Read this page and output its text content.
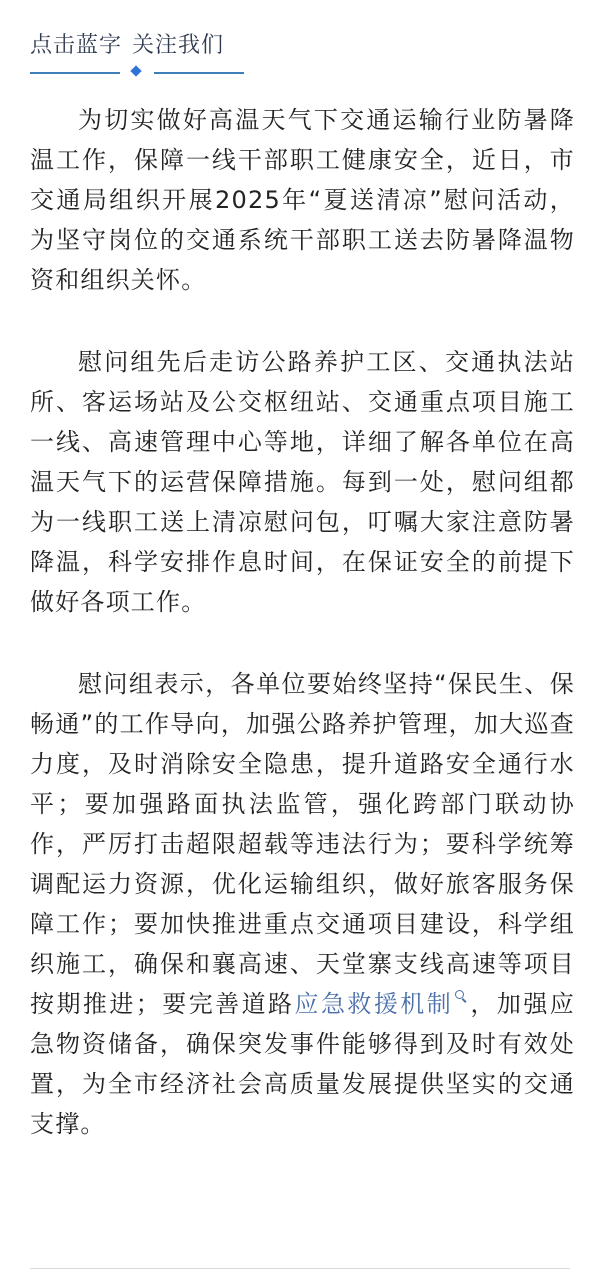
点击蓝字 关注我们

为切实做好高温天气下交通运输行业防暑降温工作，保障一线干部职工健康安全，近日，市交通局组织开展2025年“夏送清凉”慰问活动，为坚守岗位的交通系统干部职工送去防暑降温物资和组织关怀。

慰问组先后走访公路养护工区、交通执法站所、客运场站及公交枢纽站、交通重点项目施工一线、高速管理中心等地，详细了解各单位在高温天气下的运营保障措施。每到一处，慰问组都为一线职工送上清凉慰问包，叮嘱大家注意防暑降温，科学安排作息时间，在保证安全的前提下做好各项工作。

慰问组表示，各单位要始终坚持“保民生、保畅通”的工作导向，加强公路养护管理，加大巡查力度，及时消除安全隐患，提升道路安全通行水平；要加强路面执法监管，强化跨部门联动协作，严厉打击超限超载等违法行为；要科学统筹调配运力资源，优化运输组织，做好旅客服务保障工作；要加快推进重点交通项目建设，科学组织施工，确保和襄高速、天堂寨支线高速等项目按期推进；要完善道路应急救援机制 ，加强应急物资储备，确保突发事件能够得到及时有效处置，为全市经济社会高质量发展提供坚实的交通支撑。
